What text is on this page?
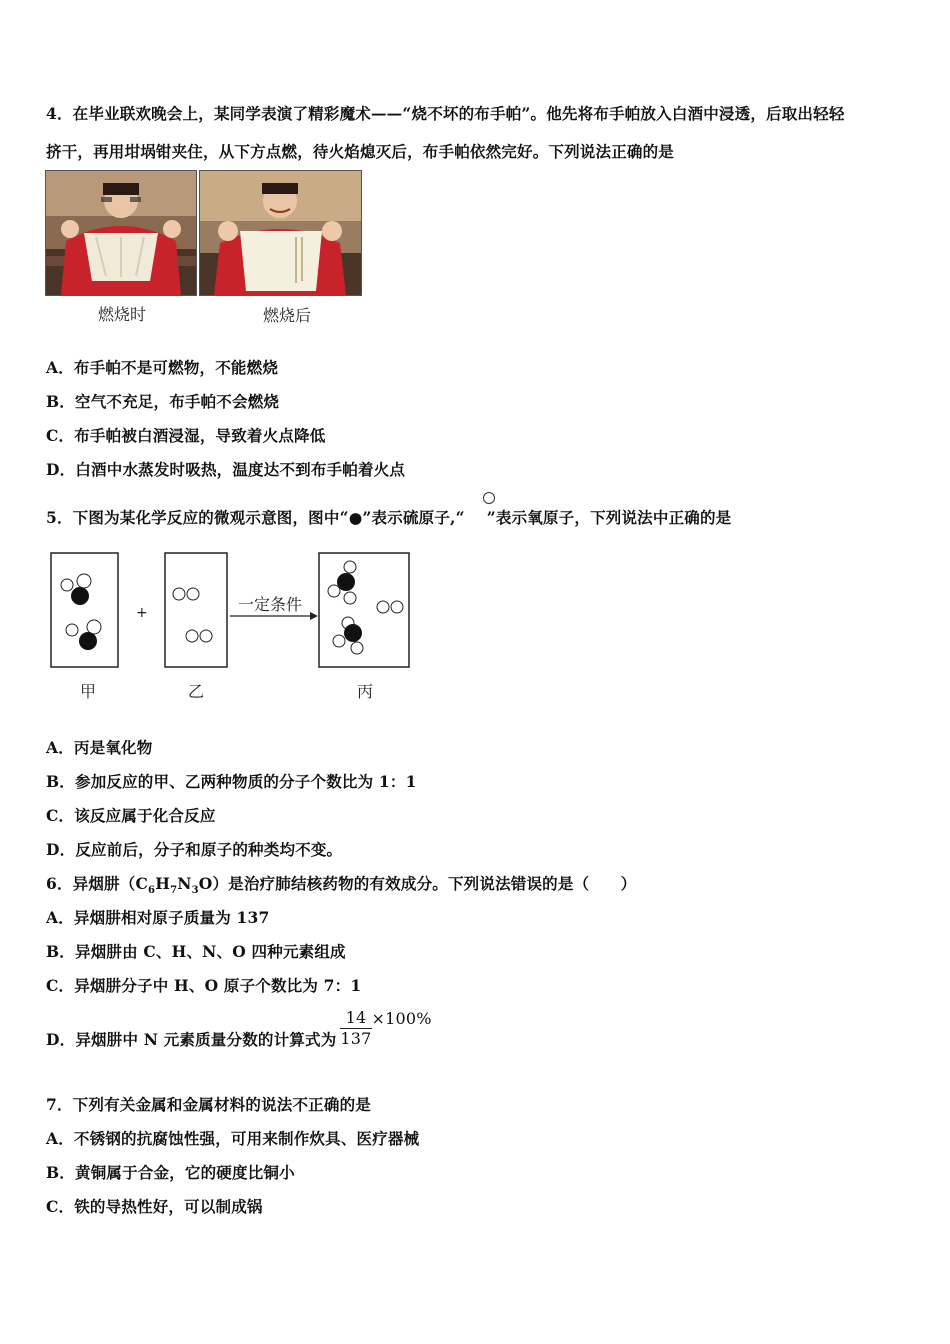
4．在毕业联欢晚会上，某同学表演了精彩魔术——“烧不坏的布手帕”。他先将布手帕放入白酒中浸透，后取出轻轻
挤干，再用坩埚钳夹住，从下方点燃，待火焰熄灭后，布手帕依然完好。下列说法正确的是
燃烧时	燃烧后
A．布手帕不是可燃物，不能燃烧
B．空气不充足，布手帕不会燃烧
C．布手帕被白酒浸湿，导致着火点降低
D．白酒中水蒸发时吸热，温度达不到布手帕着火点
5．下图为某化学反应的微观示意图，图中“●”表示硫原子,“ ”表示氧原子，下列说法中正确的是
+	一定条件
甲	乙	丙
A．丙是氧化物
B．参加反应的甲、乙两种物质的分子个数比为 1：1
C．该反应属于化合反应
D．反应前后，分子和原子的种类均不变。
6．异烟肼$(C_6H_7N_3O)$是治疗肺结核药物的有效成分。下列说法错误的是（　　）
A．异烟肼相对原子质量为 137
B．异烟肼由 C、H、N、O 四种元素组成
C．异烟肼分子中 H、O 原子个数比为 7：1
D．异烟肼中 N 元素质量分数的计算式为 $\frac{14}{137} \times 100\%$
7．下列有关金属和金属材料的说法不正确的是
A．不锈钢的抗腐蚀性强，可用来制作炊具、医疗器械
B．黄铜属于合金，它的硬度比铜小
C．铁的导热性好，可以制成锅
